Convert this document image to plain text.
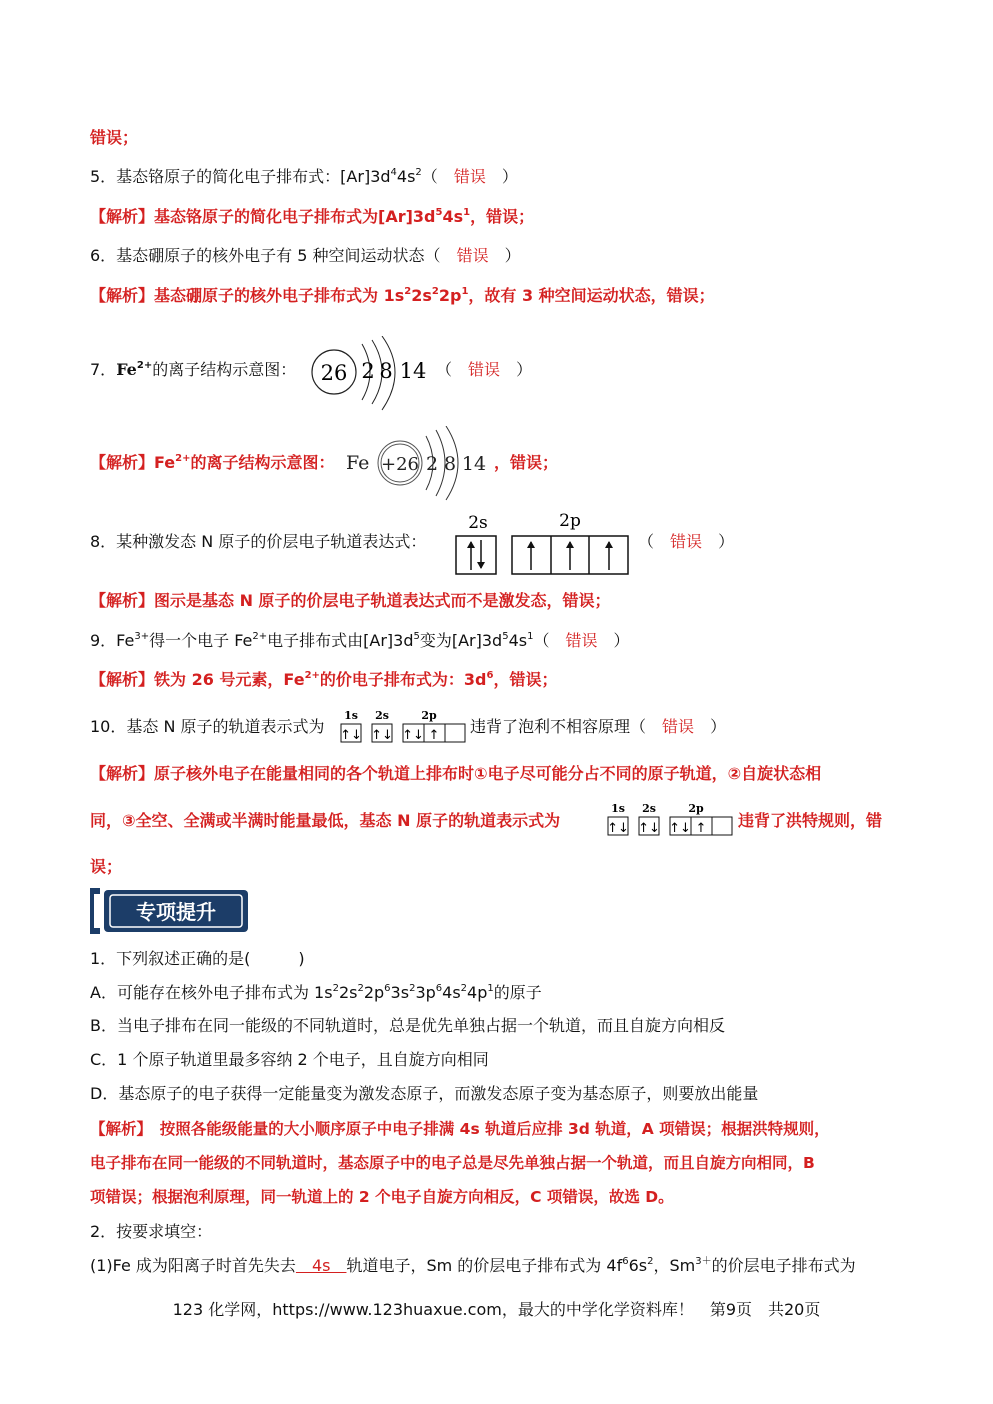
错误；
5．基态铬原子的简化电子排布式：$[Ar]3d^44s^2$（　 错误　 ）
【解析】基态铬原子的简化电子排布式为$[Ar]3d^54s^1$，错误；
6．基态硼原子的核外电子有 5 种空间运动状态（　 错误　 ）
【解析】基态硼原子的核外电子排布式为 $1s^22s^22p^1$，故有 3 种空间运动状态，错误；
7．$Fe^{2+}$的离子结构示意图： 26 2 8 14 （　 错误　 ）
【解析】$Fe^{2+}$的离子结构示意图： Fe +26 2 8 14 ，错误；
8．某种激发态 N 原子的价层电子轨道表达式：
2s	2p
（　 错误　 ）
【解析】图示是基态 N 原子的价层电子轨道表达式而不是激发态，错误；
9．$Fe^{3+}$得一个电子 $Fe^{2+}$电子排布式由$[Ar]3d^5$变为$[Ar]3d^54s^1$（　 错误　 ）
【解析】铁为 26 号元素，$Fe^{2+}$的价电子排布式为：$3d^6$，错误；
10．基态 N 原子的轨道表示式为
1s 2s	2p
↑↓ ↑↓ ↑↓ ↑ 违背了泡利不相容原理（　 错误　 ）
【解析】原子核外电子在能量相同的各个轨道上排布时①电子尽可能分占不同的原子轨道，②自旋状态相
同，③全空、全满或半满时能量最低，基态 N 原子的轨道表示式为
1s 2s	2p
↑↓ ↑↓ ↑↓ ↑ 违背了洪特规则，错
误；
专项提升
1．下列叙述正确的是(　　　)
A．可能存在核外电子排布式为 $1s^22s^22p^63s^23p^64s^24p^1$的原子
B．当电子排布在同一能级的不同轨道时，总是优先单独占据一个轨道，而且自旋方向相反
C．1 个原子轨道里最多容纳 2 个电子，且自旋方向相同
D．基态原子的电子获得一定能量变为激发态原子，而激发态原子变为基态原子，则要放出能量
【解析】　按照各能级能量的大小顺序原子中电子排满 4s 轨道后应排 3d 轨道，A 项错误；根据洪特规则，
电子排布在同一能级的不同轨道时，基态原子中的电子总是尽先单独占据一个轨道，而且自旋方向相同，B
项错误；根据泡利原理，同一轨道上的 2 个电子自旋方向相反，C 项错误，故选 D。
2．按要求填空：
(1)Fe 成为阳离子时首先失去　4s　轨道电子，Sm 的价层电子排布式为 $4f^66s^2$，$Sm^{3+}$的价层电子排布式为
123 化学网，https://www.123huaxue.com，最大的中学化学资料库！　第9页　共20页
